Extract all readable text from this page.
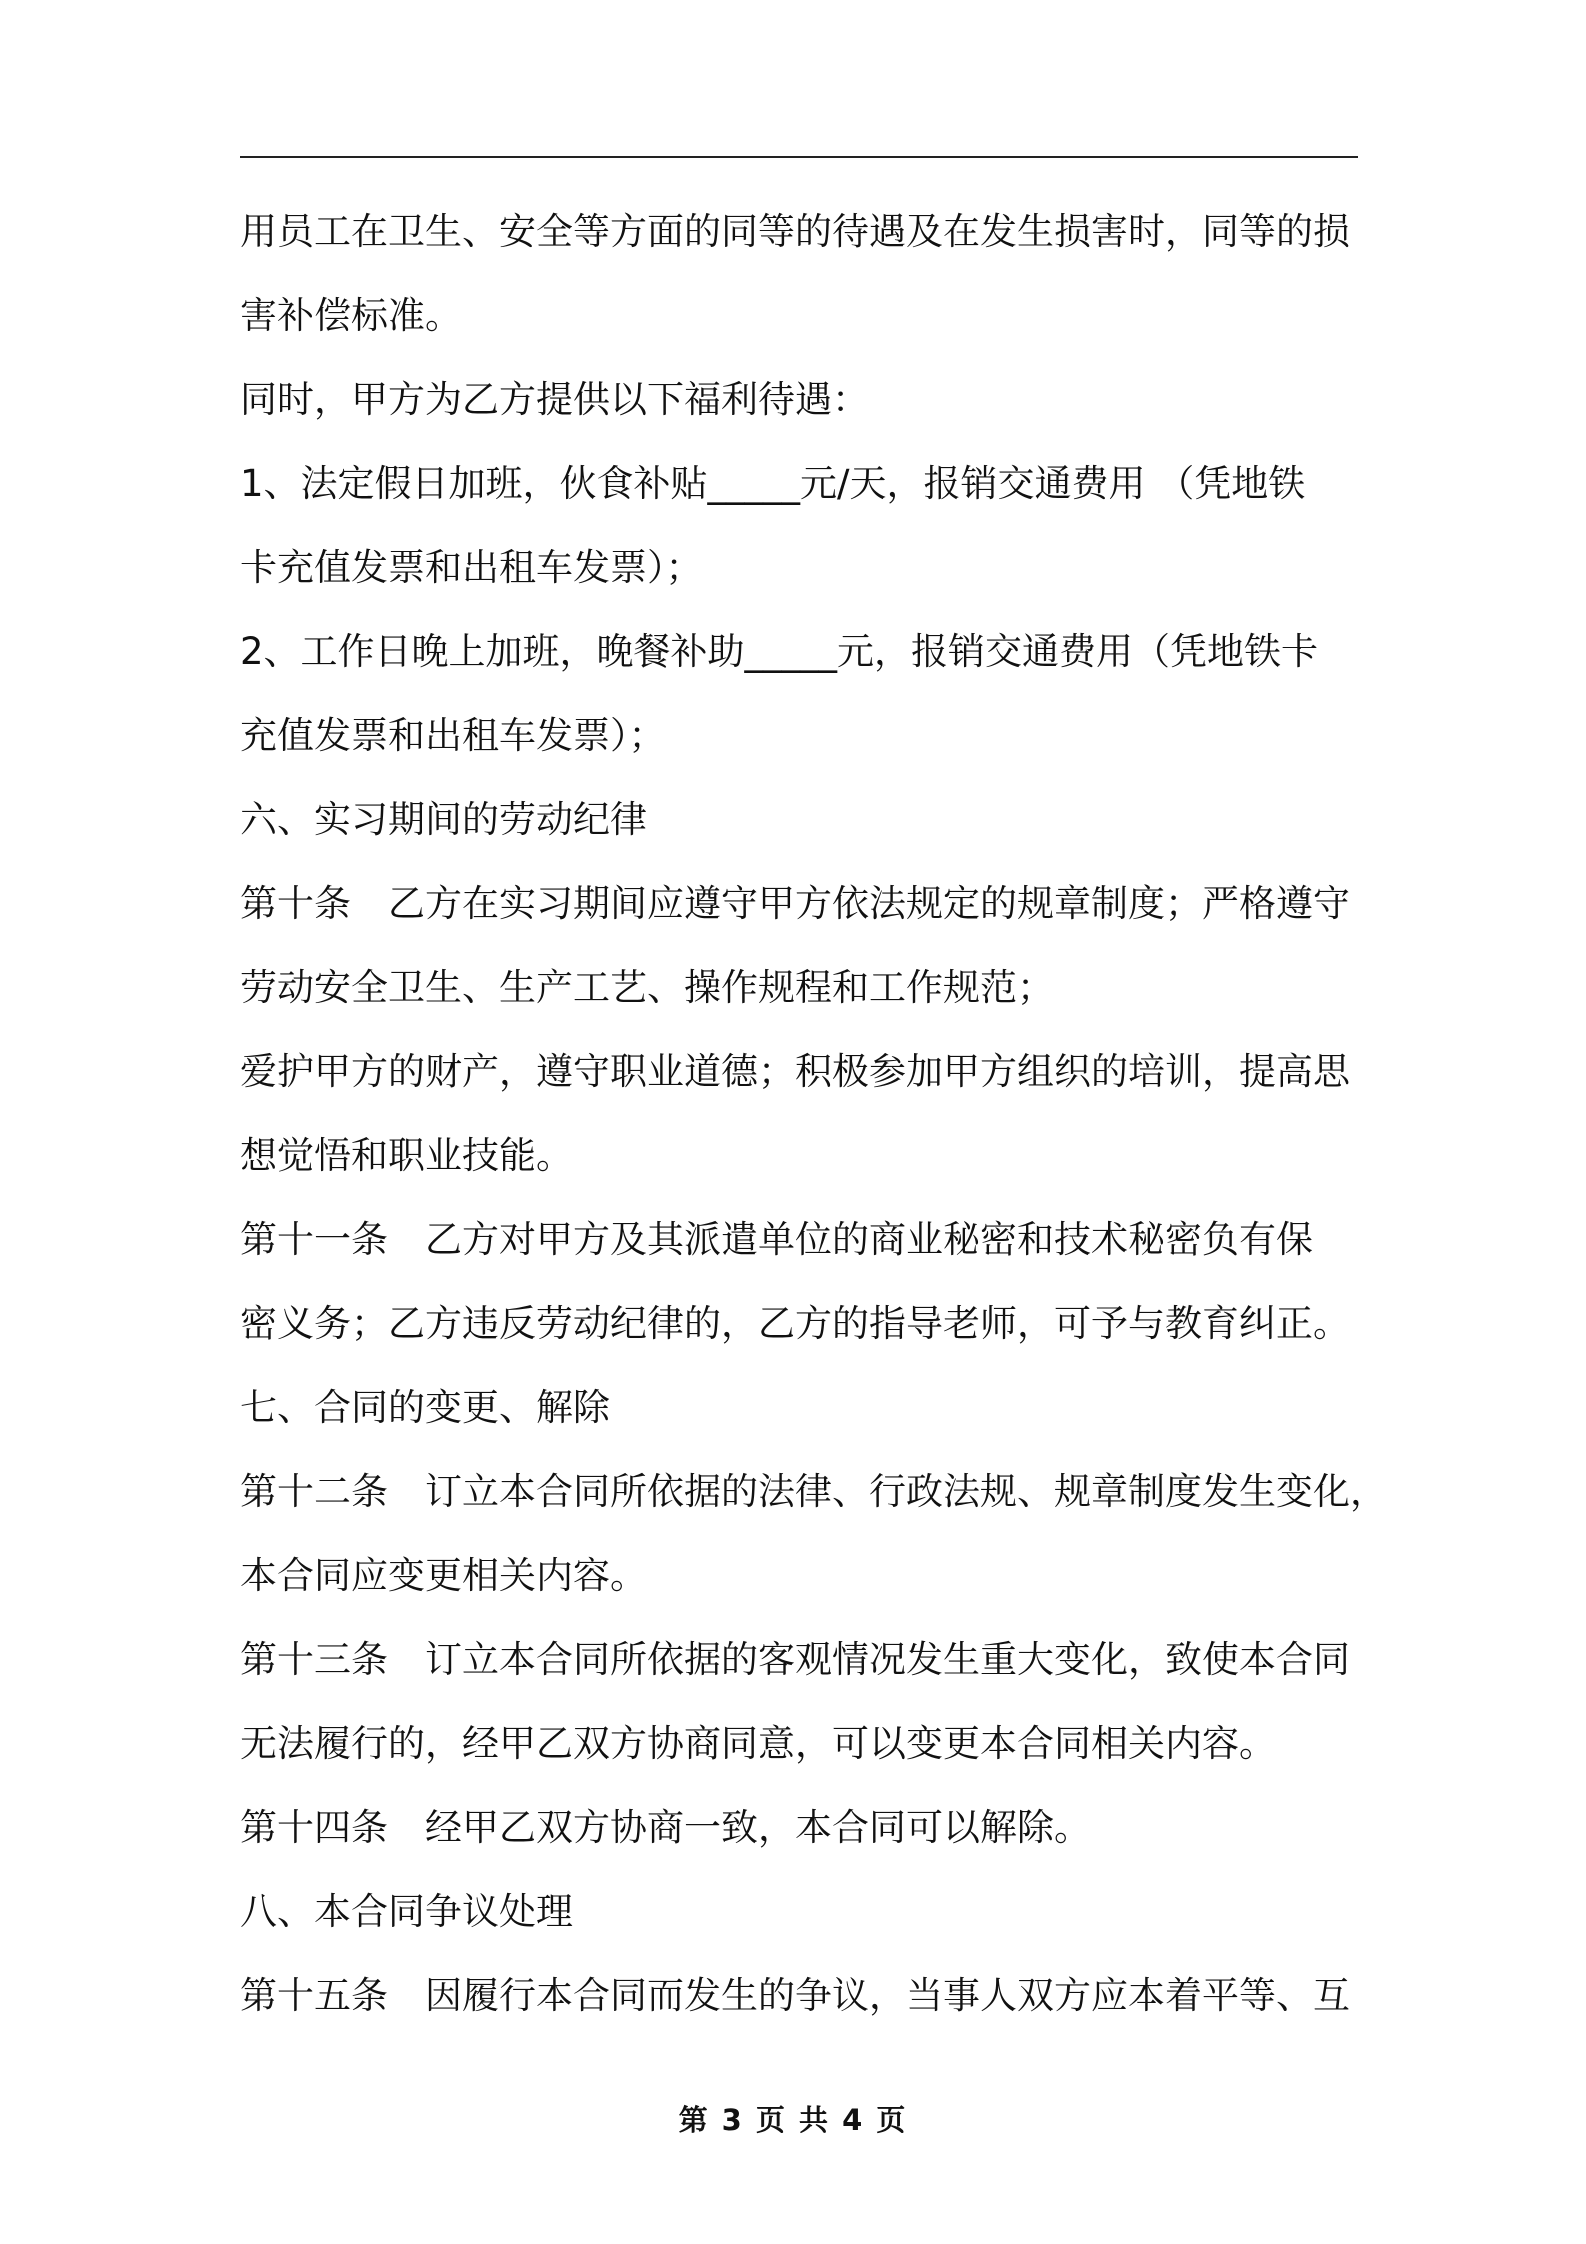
用员工在卫生、安全等方面的同等的待遇及在发生损害时，同等的损
害补偿标准。
同时，甲方为乙方提供以下福利待遇：
1、法定假日加班，伙食补贴_____元/天，报销交通费用 （凭地铁
卡充值发票和出租车发票）；
2、工作日晚上加班，晚餐补助_____元，报销交通费用（凭地铁卡
充值发票和出租车发票）；
六、实习期间的劳动纪律
第十条　乙方在实习期间应遵守甲方依法规定的规章制度；严格遵守
劳动安全卫生、生产工艺、操作规程和工作规范；
爱护甲方的财产，遵守职业道德；积极参加甲方组织的培训，提高思
想觉悟和职业技能。
第十一条　乙方对甲方及其派遣单位的商业秘密和技术秘密负有保
密义务；乙方违反劳动纪律的，乙方的指导老师，可予与教育纠正。
七、合同的变更、解除
第十二条　订立本合同所依据的法律、行政法规、规章制度发生变化，
本合同应变更相关内容。
第十三条　订立本合同所依据的客观情况发生重大变化，致使本合同
无法履行的，经甲乙双方协商同意，可以变更本合同相关内容。
第十四条　经甲乙双方协商一致，本合同可以解除。
八、本合同争议处理
第十五条　因履行本合同而发生的争议，当事人双方应本着平等、互
第 3 页 共 4 页
